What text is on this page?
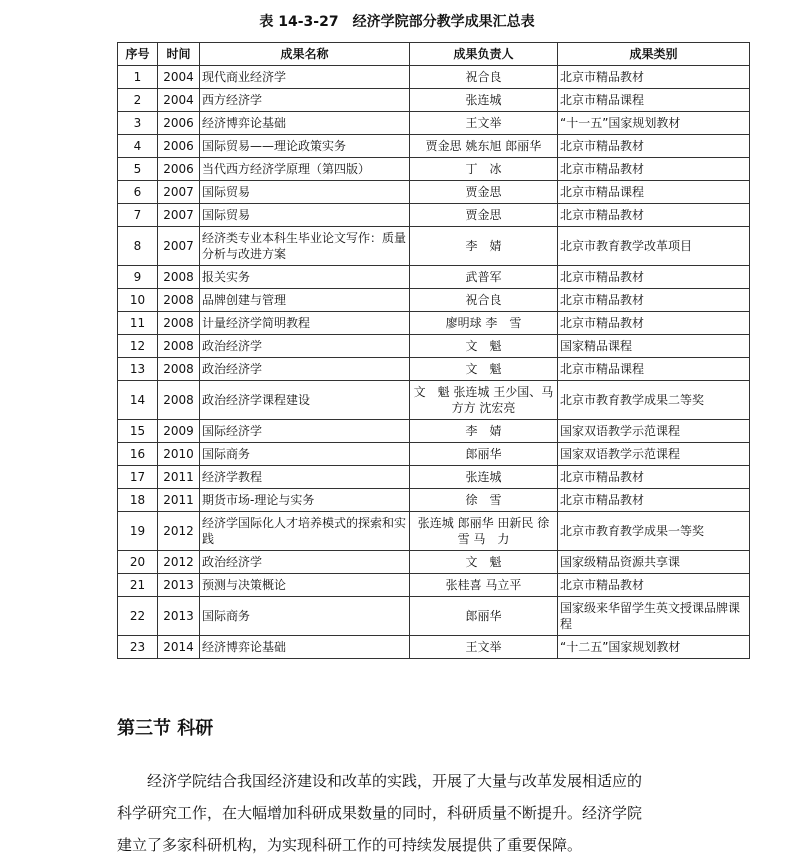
表 14-3-27　经济学院部分教学成果汇总表
序号	时间	成果名称	成果负责人	成果类别
1	2004	现代商业经济学	祝合良	北京市精品教材
2	2004	西方经济学	张连城	北京市精品课程
3	2006	经济博弈论基础	王文举	“十一五”国家规划教材
4	2006	国际贸易——理论政策实务	贾金思 姚东旭 郎丽华	北京市精品教材
5	2006	当代西方经济学原理（第四版）	丁　冰	北京市精品教材
6	2007	国际贸易	贾金思	北京市精品课程
7	2007	国际贸易	贾金思	北京市精品教材
8	2007	经济类专业本科生毕业论文写作：质量分析与改进方案	李　婧	北京市教育教学改革项目
9	2008	报关实务	武普军	北京市精品教材
10	2008	品牌创建与管理	祝合良	北京市精品教材
11	2008	计量经济学简明教程	廖明球 李　雪	北京市精品教材
12	2008	政治经济学	文　魁	国家精品课程
13	2008	政治经济学	文　魁	北京市精品课程
14	2008	政治经济学课程建设	文　魁 张连城 王少国、马方方 沈宏亮	北京市教育教学成果二等奖
15	2009	国际经济学	李　婧	国家双语教学示范课程
16	2010	国际商务	郎丽华	国家双语教学示范课程
17	2011	经济学教程	张连城	北京市精品教材
18	2011	期货市场-理论与实务	徐　雪	北京市精品教材
19	2012	经济学国际化人才培养模式的探索和实践	张连城 郎丽华 田新民 徐　雪 马　力	北京市教育教学成果一等奖
20	2012	政治经济学	文　魁	国家级精品资源共享课
21	2013	预测与决策概论	张桂喜 马立平	北京市精品教材
22	2013	国际商务	郎丽华	国家级来华留学生英文授课品牌课程
23	2014	经济博弈论基础	王文举	“十二五”国家规划教材
第三节 科研

经济学院结合我国经济建设和改革的实践，开展了大量与改革发展相适应的

科学研究工作，在大幅增加科研成果数量的同时，科研质量不断提升。经济学院

建立了多家科研机构，为实现科研工作的可持续发展提供了重要保障。
